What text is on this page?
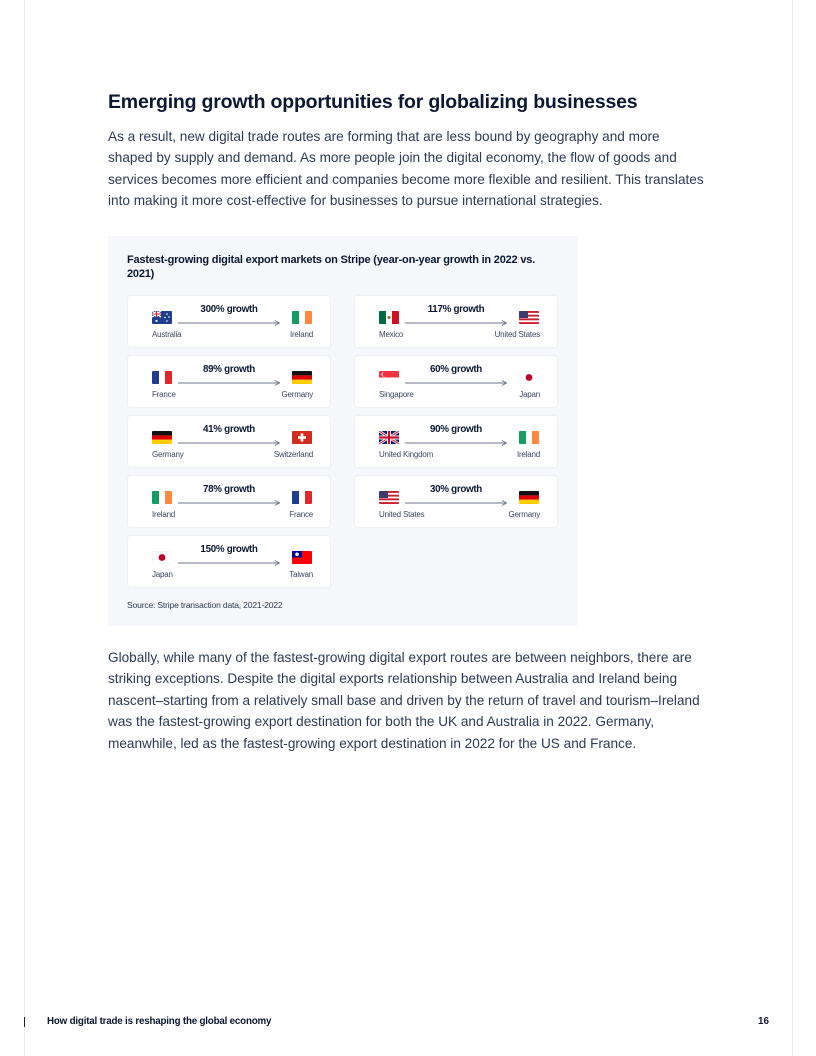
Emerging growth opportunities for globalizing businesses

As a result, new digital trade routes are forming that are less bound by geography and more shaped by supply and demand. As more people join the digital economy, the flow of goods and services becomes more efficient and companies become more flexible and resilient. This translates into making it more cost-effective for businesses to pursue international strategies.

Fastest-growing digital export markets on Stripe (year-on-year growth in 2022 vs. 2021)

300% growth
Australia	Ireland
117% growth
Mexico	United States
89% growth
France	Germany
60% growth
Singapore	Japan
41% growth
Germany	Switzerland
90% growth
United Kingdom	Ireland
78% growth
Ireland	France
30% growth
United States	Germany
150% growth
Japan	Taiwan

Source: Stripe transaction data, 2021-2022

Globally, while many of the fastest-growing digital export routes are between neighbors, there are striking exceptions. Despite the digital exports relationship between Australia and Ireland being nascent–starting from a relatively small base and driven by the return of travel and tourism–Ireland was the fastest-growing export destination for both the UK and Australia in 2022. Germany, meanwhile, led as the fastest-growing export destination in 2022 for the US and France.

How digital trade is reshaping the global economy	16
